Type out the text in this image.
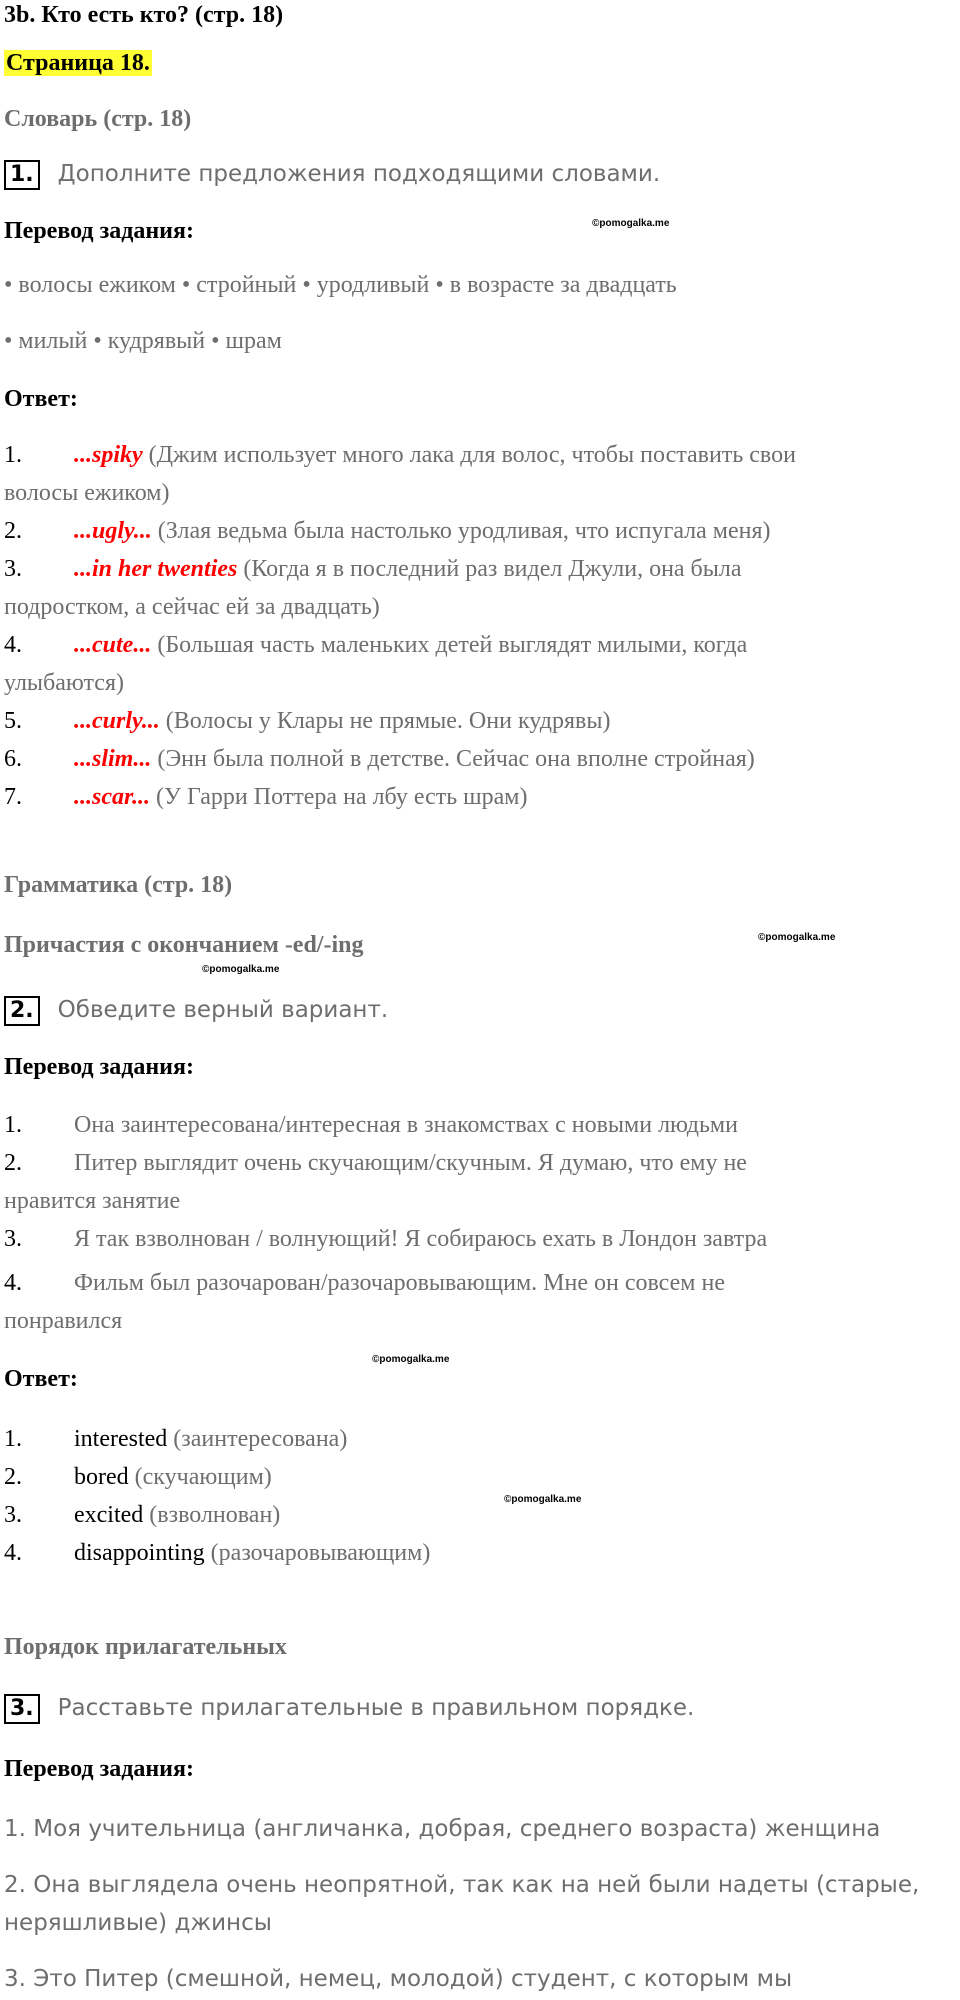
3b. Кто есть кто? (стр. 18)
Страница 18.
Словарь (стр. 18)
1. Дополните предложения подходящими словами.
Перевод задания:	©pomogalka.me
• волосы ежиком • стройный • уродливый • в возрасте за двадцать
• милый • кудрявый • шрам
Ответ:
1. ...spiky (Джим использует много лака для волос, чтобы поставить свои
волосы ежиком)
2. ...ugly... (Злая ведьма была настолько уродливая, что испугала меня)
3. ...in her twenties (Когда я в последний раз видел Джули, она была
подростком, а сейчас ей за двадцать)
4. ...cute... (Большая часть маленьких детей выглядят милыми, когда
улыбаются)
5. ...curly... (Волосы у Клары не прямые. Они кудрявы)
6. ...slim... (Энн была полной в детстве. Сейчас она вполне стройная)
7. ...scar... (У Гарри Поттера на лбу есть шрам)
Грамматика (стр. 18)
Причастия с окончанием -ed/-ing	©pomogalka.me
©pomogalka.me
2. Обведите верный вариант.
Перевод задания:
1. Она заинтересована/интересная в знакомствах с новыми людьми
2. Питер выглядит очень скучающим/скучным. Я думаю, что ему не
нравится занятие
3. Я так взволнован / волнующий! Я собираюсь ехать в Лондон завтра
4. Фильм был разочарован/разочаровывающим. Мне он совсем не
понравился
©pomogalka.me
Ответ:
1. interested (заинтересована)
2. bored (скучающим)
©pomogalka.me
3. excited (взволнован)
4. disappointing (разочаровывающим)
Порядок прилагательных
3. Расставьте прилагательные в правильном порядке.
Перевод задания:
1. Моя учительница (англичанка, добрая, среднего возраста) женщина
2. Она выглядела очень неопрятной, так как на ней были надеты (старые,
неряшливые) джинсы
3. Это Питер (смешной, немец, молодой) студент, с которым мы
